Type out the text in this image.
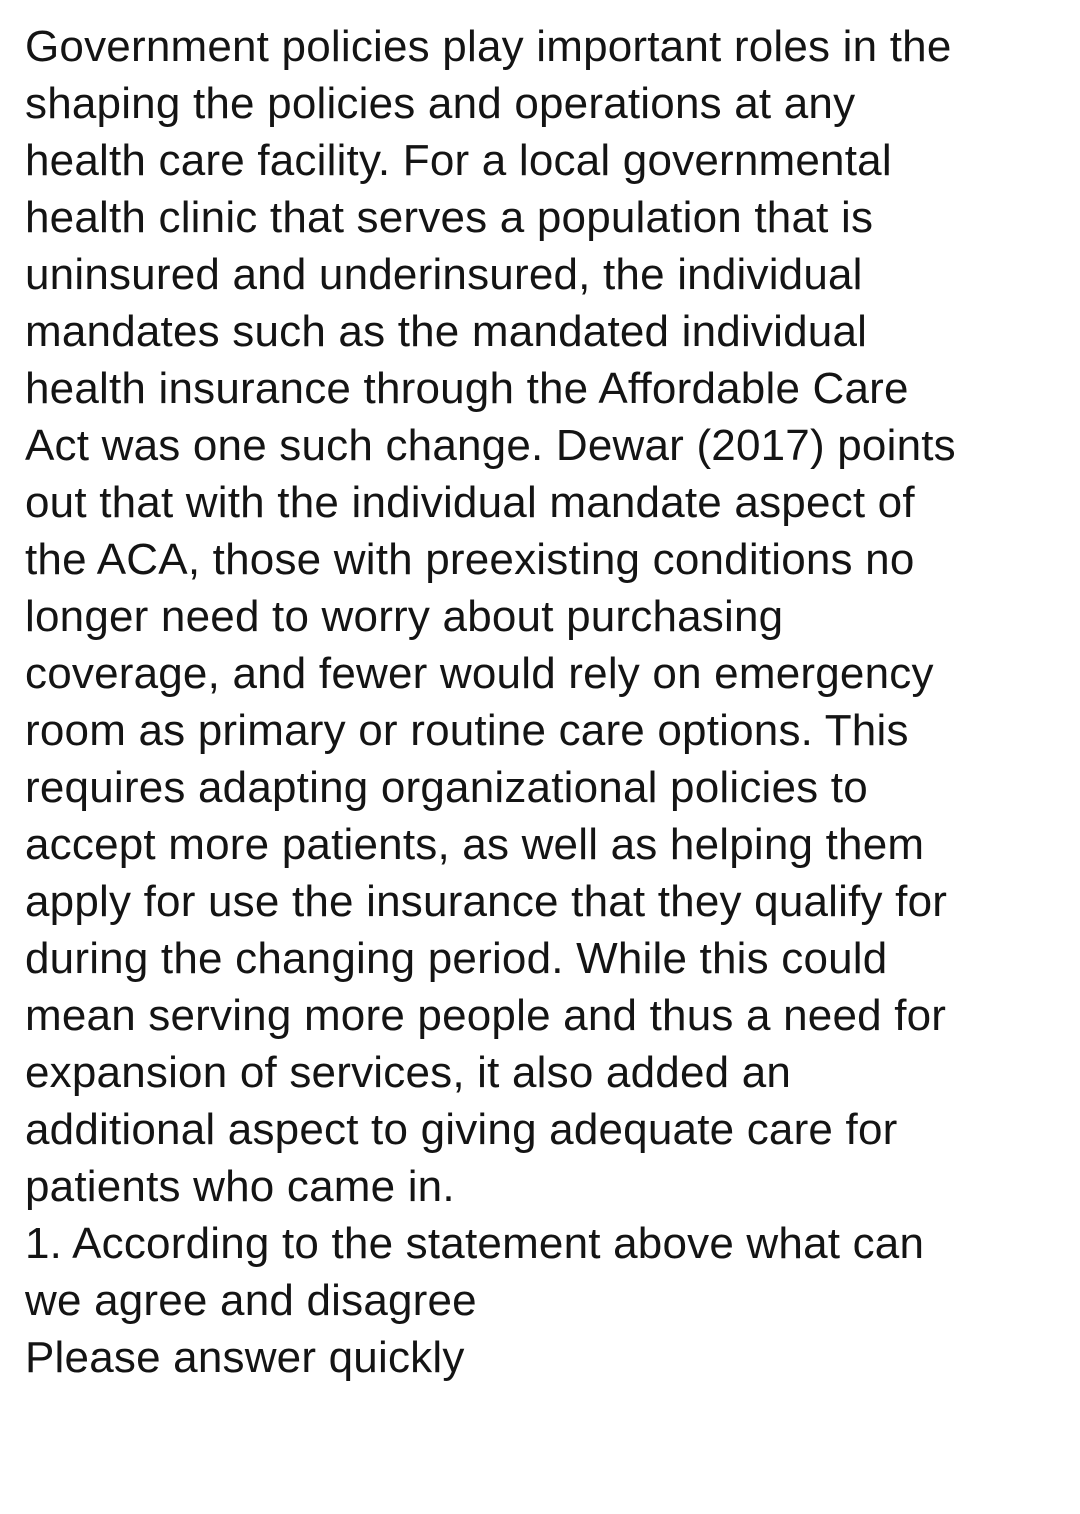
Government policies play important roles in the
shaping the policies and operations at any
health care facility. For a local governmental
health clinic that serves a population that is
uninsured and underinsured, the individual
mandates such as the mandated individual
health insurance through the Affordable Care
Act was one such change. Dewar (2017) points
out that with the individual mandate aspect of
the ACA, those with preexisting conditions no
longer need to worry about purchasing
coverage, and fewer would rely on emergency
room as primary or routine care options. This
requires adapting organizational policies to
accept more patients, as well as helping them
apply for use the insurance that they qualify for
during the changing period. While this could
mean serving more people and thus a need for
expansion of services, it also added an
additional aspect to giving adequate care for
patients who came in.
1. According to the statement above what can
we agree and disagree
Please answer quickly
